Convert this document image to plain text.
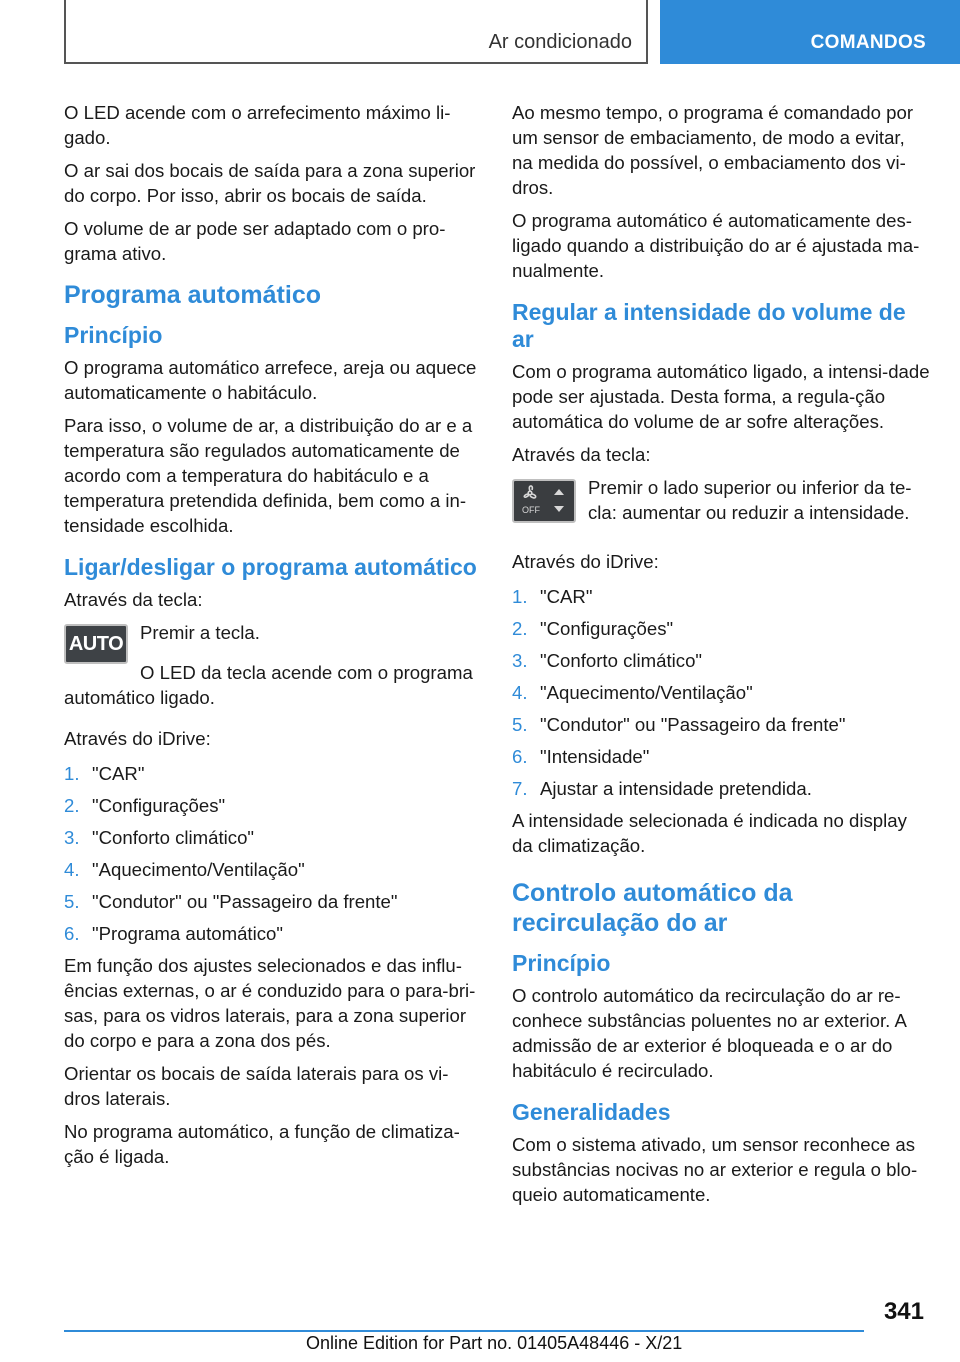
Ar condicionado	COMANDOS

O LED acende com o arrefecimento máximo li-gado.

O ar sai dos bocais de saída para a zona superior do corpo. Por isso, abrir os bocais de saída.

O volume de ar pode ser adaptado com o pro-grama ativo.

Programa automático
Princípio

O programa automático arrefece, areja ou aquece automaticamente o habitáculo.

Para isso, o volume de ar, a distribuição do ar e a temperatura são regulados automaticamente de acordo com a temperatura do habitáculo e a temperatura pretendida definida, bem como a in-tensidade escolhida.

Ligar/desligar o programa automático

Através da tecla:

AUTO

Premir a tecla.

O LED da tecla acende com o programa automático ligado.

Através do iDrive:

1. "CAR"
2. "Configurações"
3. "Conforto climático"
4. "Aquecimento/Ventilação"
5. "Condutor" ou "Passageiro da frente"
6. "Programa automático"

Em função dos ajustes selecionados e das influ-ências externas, o ar é conduzido para o para-bri-sas, para os vidros laterais, para a zona superior do corpo e para a zona dos pés.

Orientar os bocais de saída laterais para os vi-dros laterais.

No programa automático, a função de climatiza-ção é ligada.

Ao mesmo tempo, o programa é comandado por um sensor de embaciamento, de modo a evitar, na medida do possível, o embaciamento dos vi-dros.

O programa automático é automaticamente des-ligado quando a distribuição do ar é ajustada ma-nualmente.

Regular a intensidade do volume de ar

Com o programa automático ligado, a intensi-dade pode ser ajustada. Desta forma, a regula-ção automática do volume de ar sofre alterações.

Através da tecla:

OFF

Premir o lado superior ou inferior da te-cla: aumentar ou reduzir a intensidade.

Através do iDrive:

1. "CAR"
2. "Configurações"
3. "Conforto climático"
4. "Aquecimento/Ventilação"
5. "Condutor" ou "Passageiro da frente"
6. "Intensidade"
7. Ajustar a intensidade pretendida.

A intensidade selecionada é indicada no display da climatização.

Controlo automático da recirculação do ar
Princípio

O controlo automático da recirculação do ar re-conhece substâncias poluentes no ar exterior. A admissão de ar exterior é bloqueada e o ar do habitáculo é recirculado.

Generalidades

Com o sistema ativado, um sensor reconhece as substâncias nocivas no ar exterior e regula o blo-queio automaticamente.

341
Online Edition for Part no. 01405A48446 - X/21
